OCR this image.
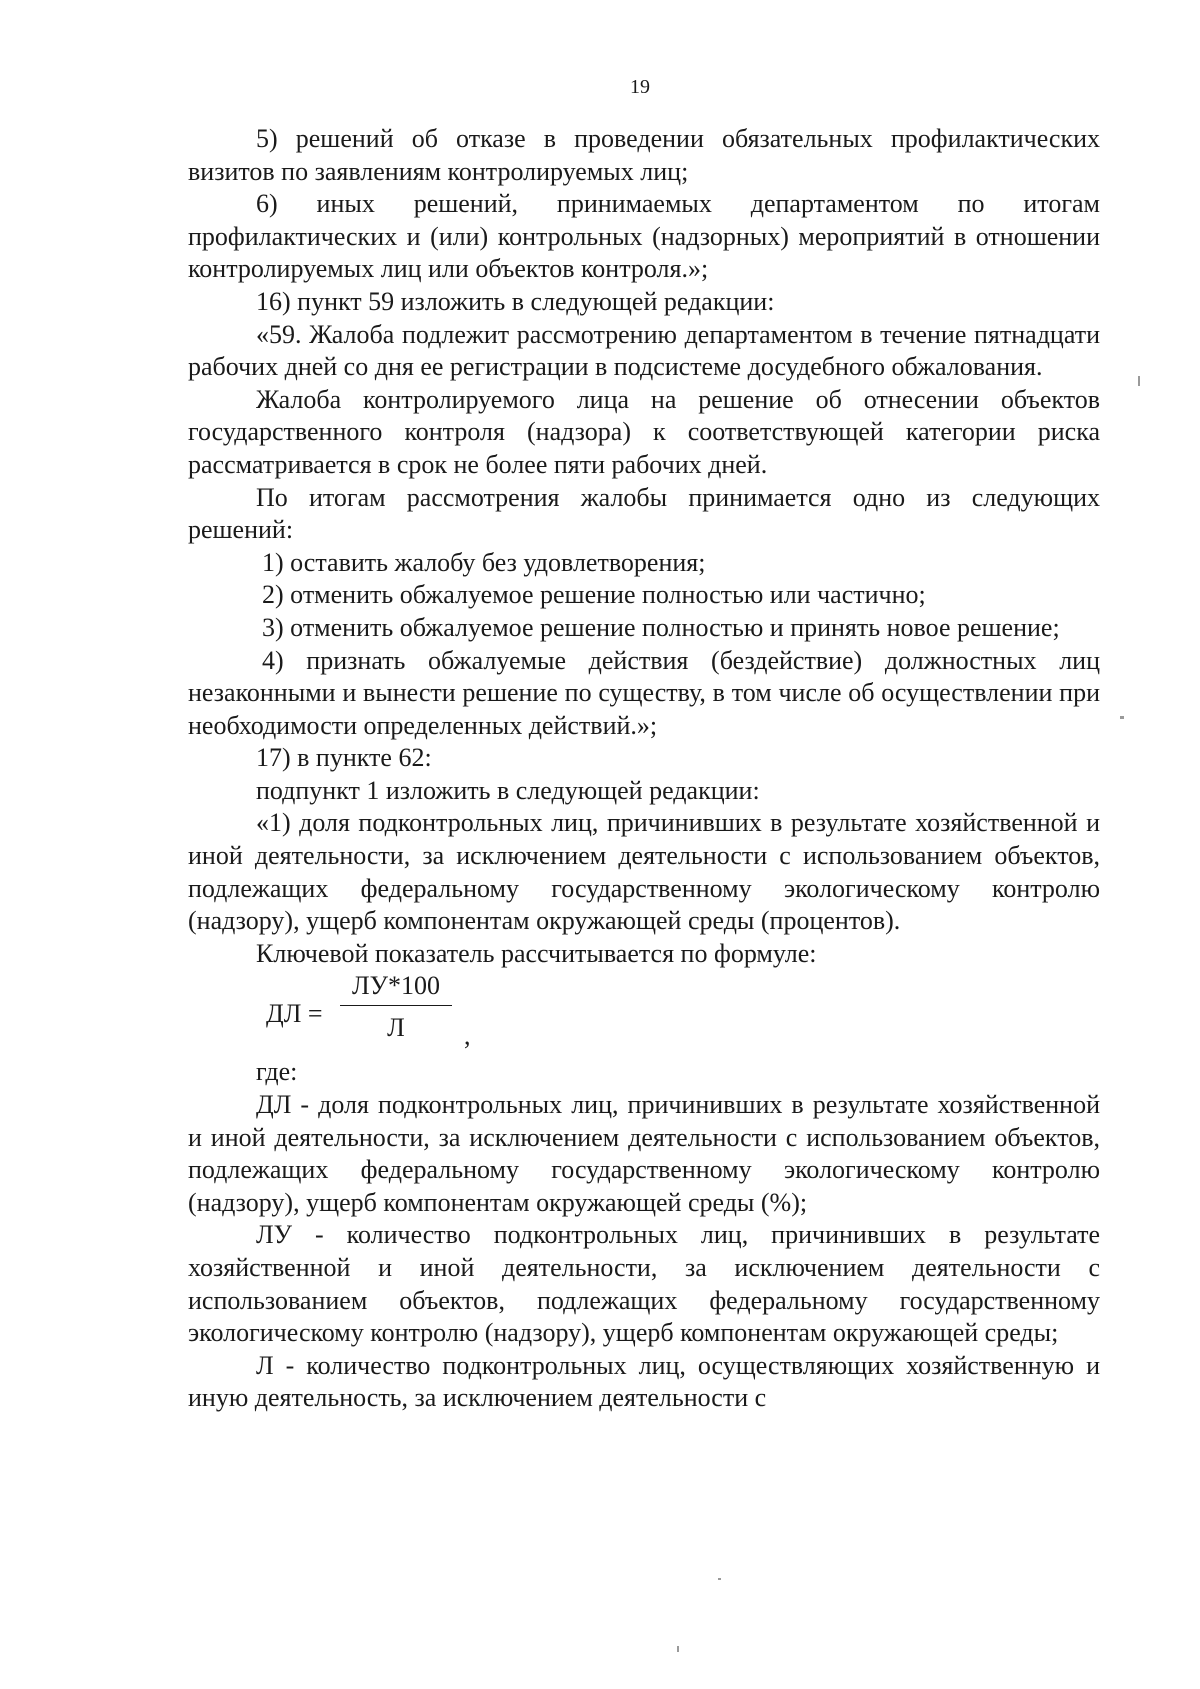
19

5) решений об отказе в проведении обязательных профилактических визитов по заявлениям контролируемых лиц;

6) иных решений, принимаемых департаментом по итогам профилактических и (или) контрольных (надзорных) мероприятий в отношении контролируемых лиц или объектов контроля.»;

16) пункт 59 изложить в следующей редакции:

«59. Жалоба подлежит рассмотрению департаментом в течение пятнадцати рабочих дней со дня ее регистрации в подсистеме досудебного обжалования.

Жалоба контролируемого лица на решение об отнесении объектов государственного контроля (надзора) к соответствующей категории риска рассматривается в срок не более пяти рабочих дней.

По итогам рассмотрения жалобы принимается одно из следующих решений:

1) оставить жалобу без удовлетворения;

2) отменить обжалуемое решение полностью или частично;

3) отменить обжалуемое решение полностью и принять новое решение;

4) признать обжалуемые действия (бездействие) должностных лиц незаконными и вынести решение по существу, в том числе об осуществлении при необходимости определенных действий.»;

17) в пункте 62:

подпункт 1 изложить в следующей редакции:

«1) доля подконтрольных лиц, причинивших в результате хозяйственной и иной деятельности, за исключением деятельности с использованием объектов, подлежащих федеральному государственному экологическому контролю (надзору), ущерб компонентам окружающей среды (процентов).

Ключевой показатель рассчитывается по формуле:

ДЛ =
ЛУ*100
Л	,

где:

ДЛ - доля подконтрольных лиц, причинивших в результате хозяйственной и иной деятельности, за исключением деятельности с использованием объектов, подлежащих федеральному государственному экологическому контролю (надзору), ущерб компонентам окружающей среды (%);

ЛУ - количество подконтрольных лиц, причинивших в результате хозяйственной и иной деятельности, за исключением деятельности с использованием объектов, подлежащих федеральному государственному экологическому контролю (надзору), ущерб компонентам окружающей среды;

Л - количество подконтрольных лиц, осуществляющих хозяйственную и иную деятельность, за исключением деятельности с
